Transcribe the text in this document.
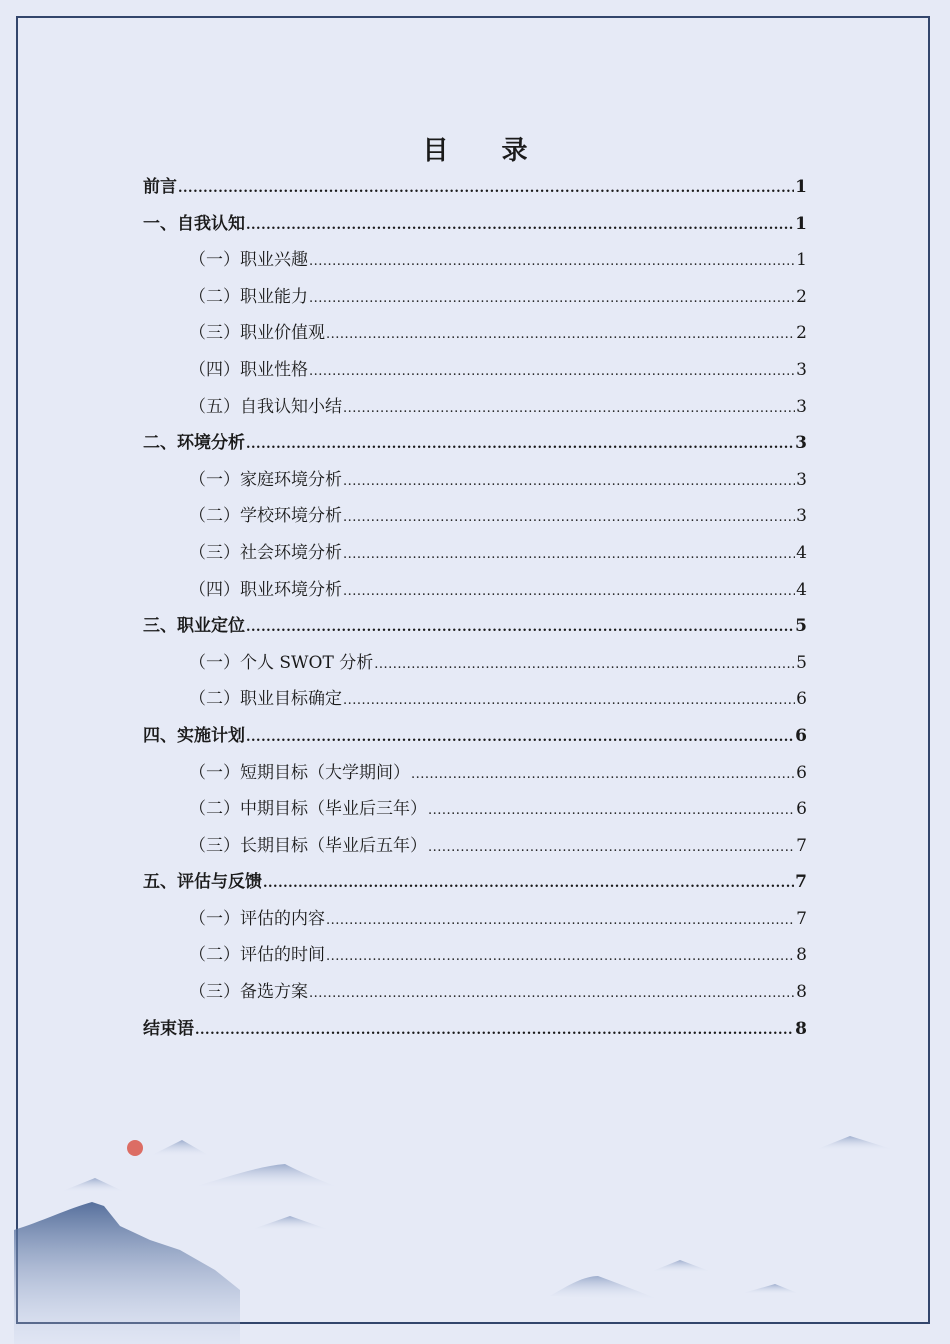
目 录
前言 .....	1
一、自我认知 .....	1
（一）职业兴趣 .....	1
（二）职业能力 .....	2
（三）职业价值观 .....	2
（四）职业性格 .....	3
（五）自我认知小结 .....	3
二、环境分析 .....	3
（一）家庭环境分析 .....	3
（二）学校环境分析 .....	3
（三）社会环境分析 .....	4
（四）职业环境分析 .....	4
三、职业定位 .....	5
（一）个人 SWOT 分析 .....	5
（二）职业目标确定 .....	6
四、实施计划 .....	6
（一）短期目标（大学期间） .....	6
（二）中期目标（毕业后三年） .....	6
（三）长期目标（毕业后五年） .....	7
五、评估与反馈 .....	7
（一）评估的内容 .....	7
（二）评估的时间 .....	8
（三）备选方案 .....	8
结束语 .....	8
